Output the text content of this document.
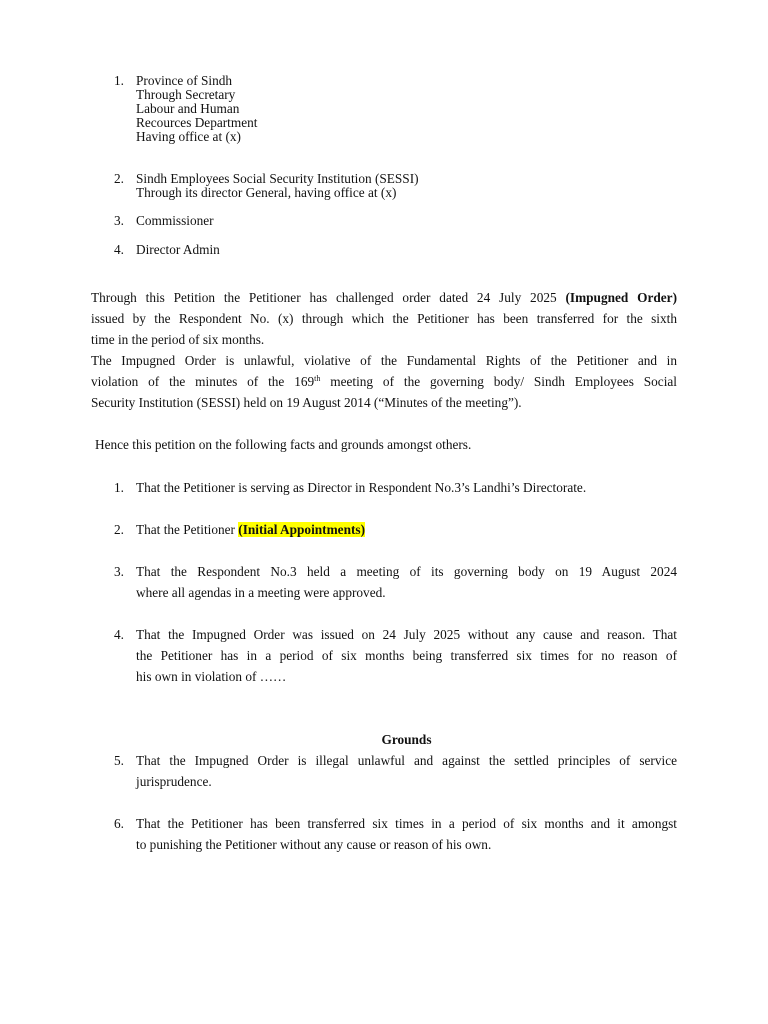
1. Province of Sindh
Through Secretary
Labour and Human
Recources Department
Having office at (x)
2. Sindh Employees Social Security Institution (SESSI)
Through its director General, having office at (x)
3. Commissioner
4. Director Admin
Through this Petition the Petitioner has challenged order dated 24 July 2025 (Impugned Order)
issued by the Respondent No. (x) through which the Petitioner has been transferred for the sixth
time in the period of six months.
The Impugned Order is unlawful, violative of the Fundamental Rights of the Petitioner and in
violation of the minutes of the 169th meeting of the governing body/ Sindh Employees Social
Security Institution (SESSI) held on 19 August 2014 (“Minutes of the meeting”).
Hence this petition on the following facts and grounds amongst others.
1. That the Petitioner is serving as Director in Respondent No.3’s Landhi’s Directorate.
2. That the Petitioner (Initial Appointments)
3. That the Respondent No.3 held a meeting of its governing body on 19 August 2024
where all agendas in a meeting were approved.
4. That the Impugned Order was issued on 24 July 2025 without any cause and reason. That
the Petitioner has in a period of six months being transferred six times for no reason of
his own in violation of ……
Grounds
5. That the Impugned Order is illegal unlawful and against the settled principles of service
jurisprudence.
6. That the Petitioner has been transferred six times in a period of six months and it amongst
to punishing the Petitioner without any cause or reason of his own.
